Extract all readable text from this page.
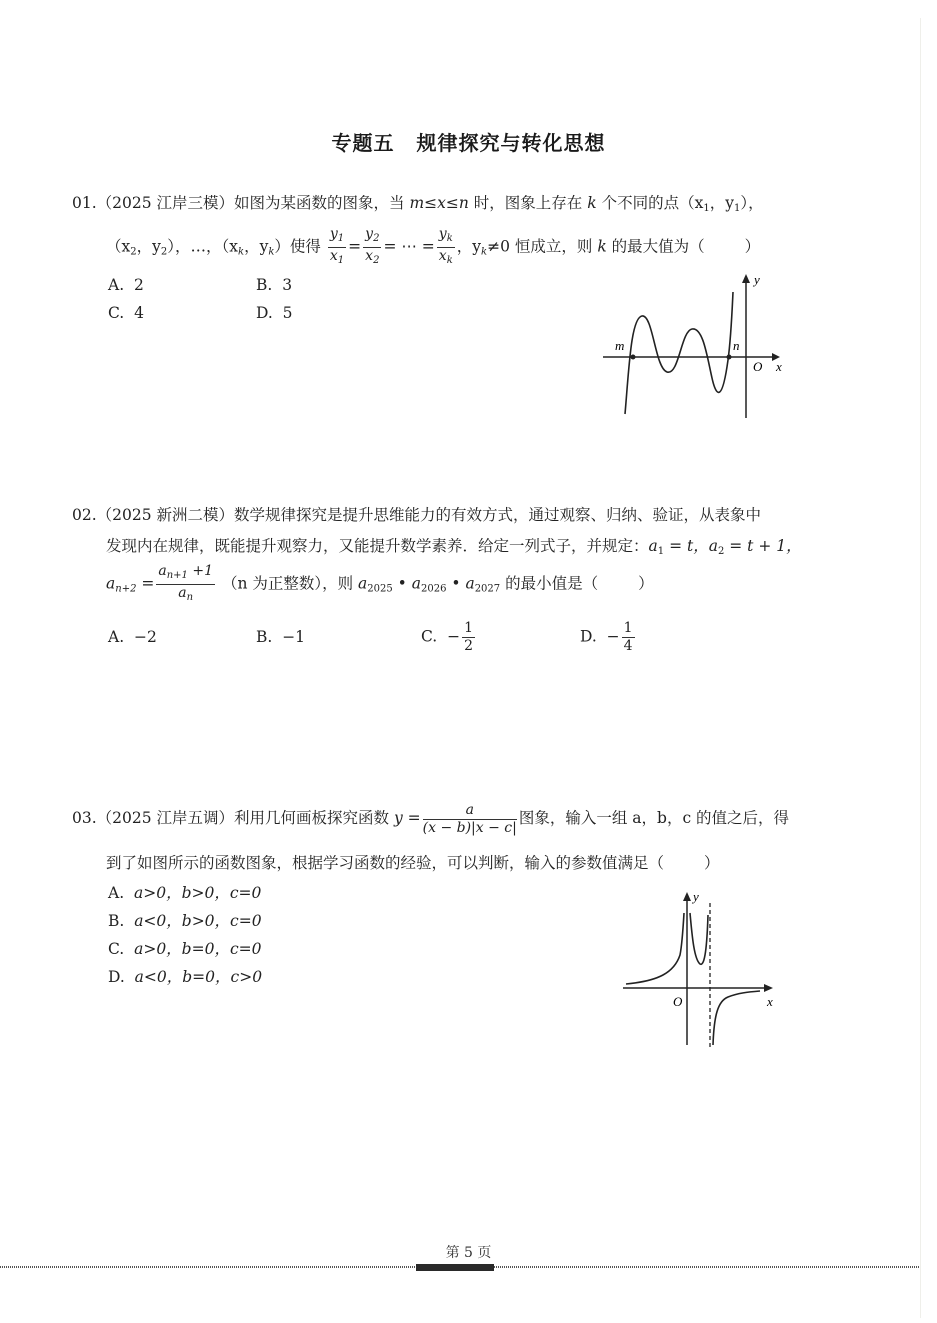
专题五 规律探究与转化思想
01.（2025 江岸三模）如图为某函数的图象，当 m≤x≤n 时，图象上存在 k 个不同的点（$x_1$，$y_1$），
（$x_2$，$y_2$），…，（$x_k$，$y_k$）使得 $\frac{y_1}{x_1} = \frac{y_2}{x_2}$ = ⋯ = $\frac{y_k}{x_k}$ ，$y_k\ne 0$ 恒成立，则 k 的最大值为（	）
A. 2	B. 3
C. 4	D. 5
m	n
O x
y
02.（2025 新洲二模）数学规律探究是提升思维能力的有效方式，通过观察、归纳、验证，从表象中
发现内在规律，既能提升观察力，又能提升数学素养．给定一列式子，并规定：$a_1 = t$，$a_2 = t + 1$，
$a_{n+2} = \frac{a_{n+1} +1}{a_n} (n$ 为正整数），则 $a_{2025}$ • $a_{2026}$ • $a_{2027}$ 的最小值是（	）
A. −2	B. −1	C. − $\frac{1}{2}$	D. − $\frac{1}{4}$
03.（2025 江岸五调）利用几何画板探究函数 $y = \frac{a}{(x - b)|x - c|}$ 图象，输入一组 a，b，c 的值之后，得
到了如图所示的函数图象，根据学习函数的经验，可以判断，输入的参数值满足（	）
A. a>0，b>0，c=0
B. a<0，b>0，c=0
C. a>0，b=0，c=0
D. a<0，b=0，c>0
O	x
y
第 5 页
